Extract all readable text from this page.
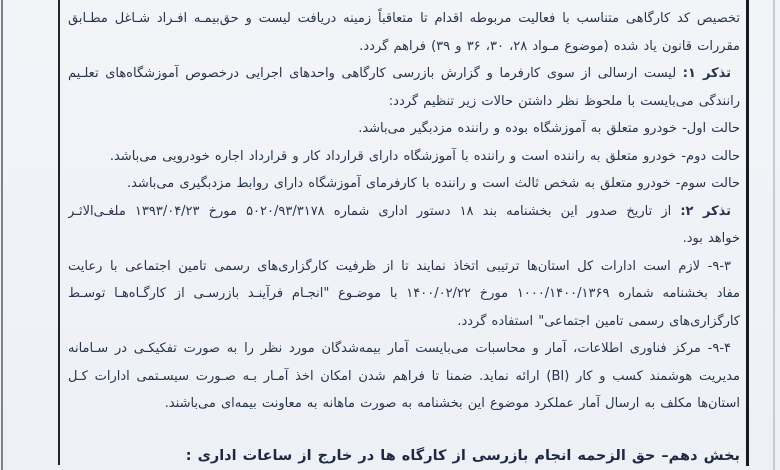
تخصیص کد کارگاهی متناسب با فعالیت مربوطه اقدام تا متعاقباً زمینه دریافت لیست و حق‌بیمـه افـراد شـاغل مطـابق
مقررات قانون یاد شده (موضوع مـواد ۲۸، ۳۰، ۳۶ و ۳۹) فراهم گردد.
تذکر ۱: لیست ارسالی از سوی کارفرما و گزارش بازرسی کارگاهی واحدهای اجرایی درخصوص آموزشگاه‌های تعلـیم
رانندگی می‌بایست با ملحوظ نظر داشتن حالات زیر تنظیم گردد:
حالت اول- خودرو متعلق به آموزشگاه بوده و راننده مزدبگیر می‌باشد.
حالت دوم- خودرو متعلق به راننده است و راننده با آموزشگاه دارای قرارداد کار و قرارداد اجاره خودرویی می‌باشد.
حالت سوم- خودرو متعلق به شخص ثالث است و راننده با کارفرمای آموزشگاه دارای روابط مزدبگیری می‌باشد.
تذکر ۲: از تاریخ صدور این بخشنامه بند ۱۸ دستور اداری شماره ۵۰۲۰/۹۳/۳۱۷۸ مورخ ۱۳۹۳/۰۴/۲۳ ملغـی‌الاثـر
خواهد بود.
۹-۳- لازم است ادارات کل استان‌ها ترتیبی اتخاذ نمایند تا از ظرفیت کارگزاری‌های رسمی تامین اجتماعی با رعایت
مفاد بخشنامه شماره ۱۰۰۰/۱۴۰۰/۱۳۶۹ مورخ ۱۴۰۰/۰۲/۲۲ با موضـوع "انجـام فرآینـد بازرسـی از کارگـاه‌هـا توسـط
کارگزاری‌های رسمی تامین اجتماعی" استفاده گردد.
۹-۴- مرکز فناوری اطلاعات، آمار و محاسبات می‌بایست آمار بیمه‌شدگان مورد نظر را به صورت تفکیکـی در سـامانه
مدیریت هوشمند کسب و کار (BI) ارائه نماید. ضمنا تا فراهم شدن امکان اخذ آمـار بـه صـورت سیسـتمی ادارات کـل
استان‌ها مکلف به ارسال آمار عملکرد موضوع این بخشنامه به صورت ماهانه به معاونت بیمه‌ای می‌باشند.
بخش دهم– حق الزحمه انجام بازرسی از کارگاه ها در خارج از ساعات اداری :
